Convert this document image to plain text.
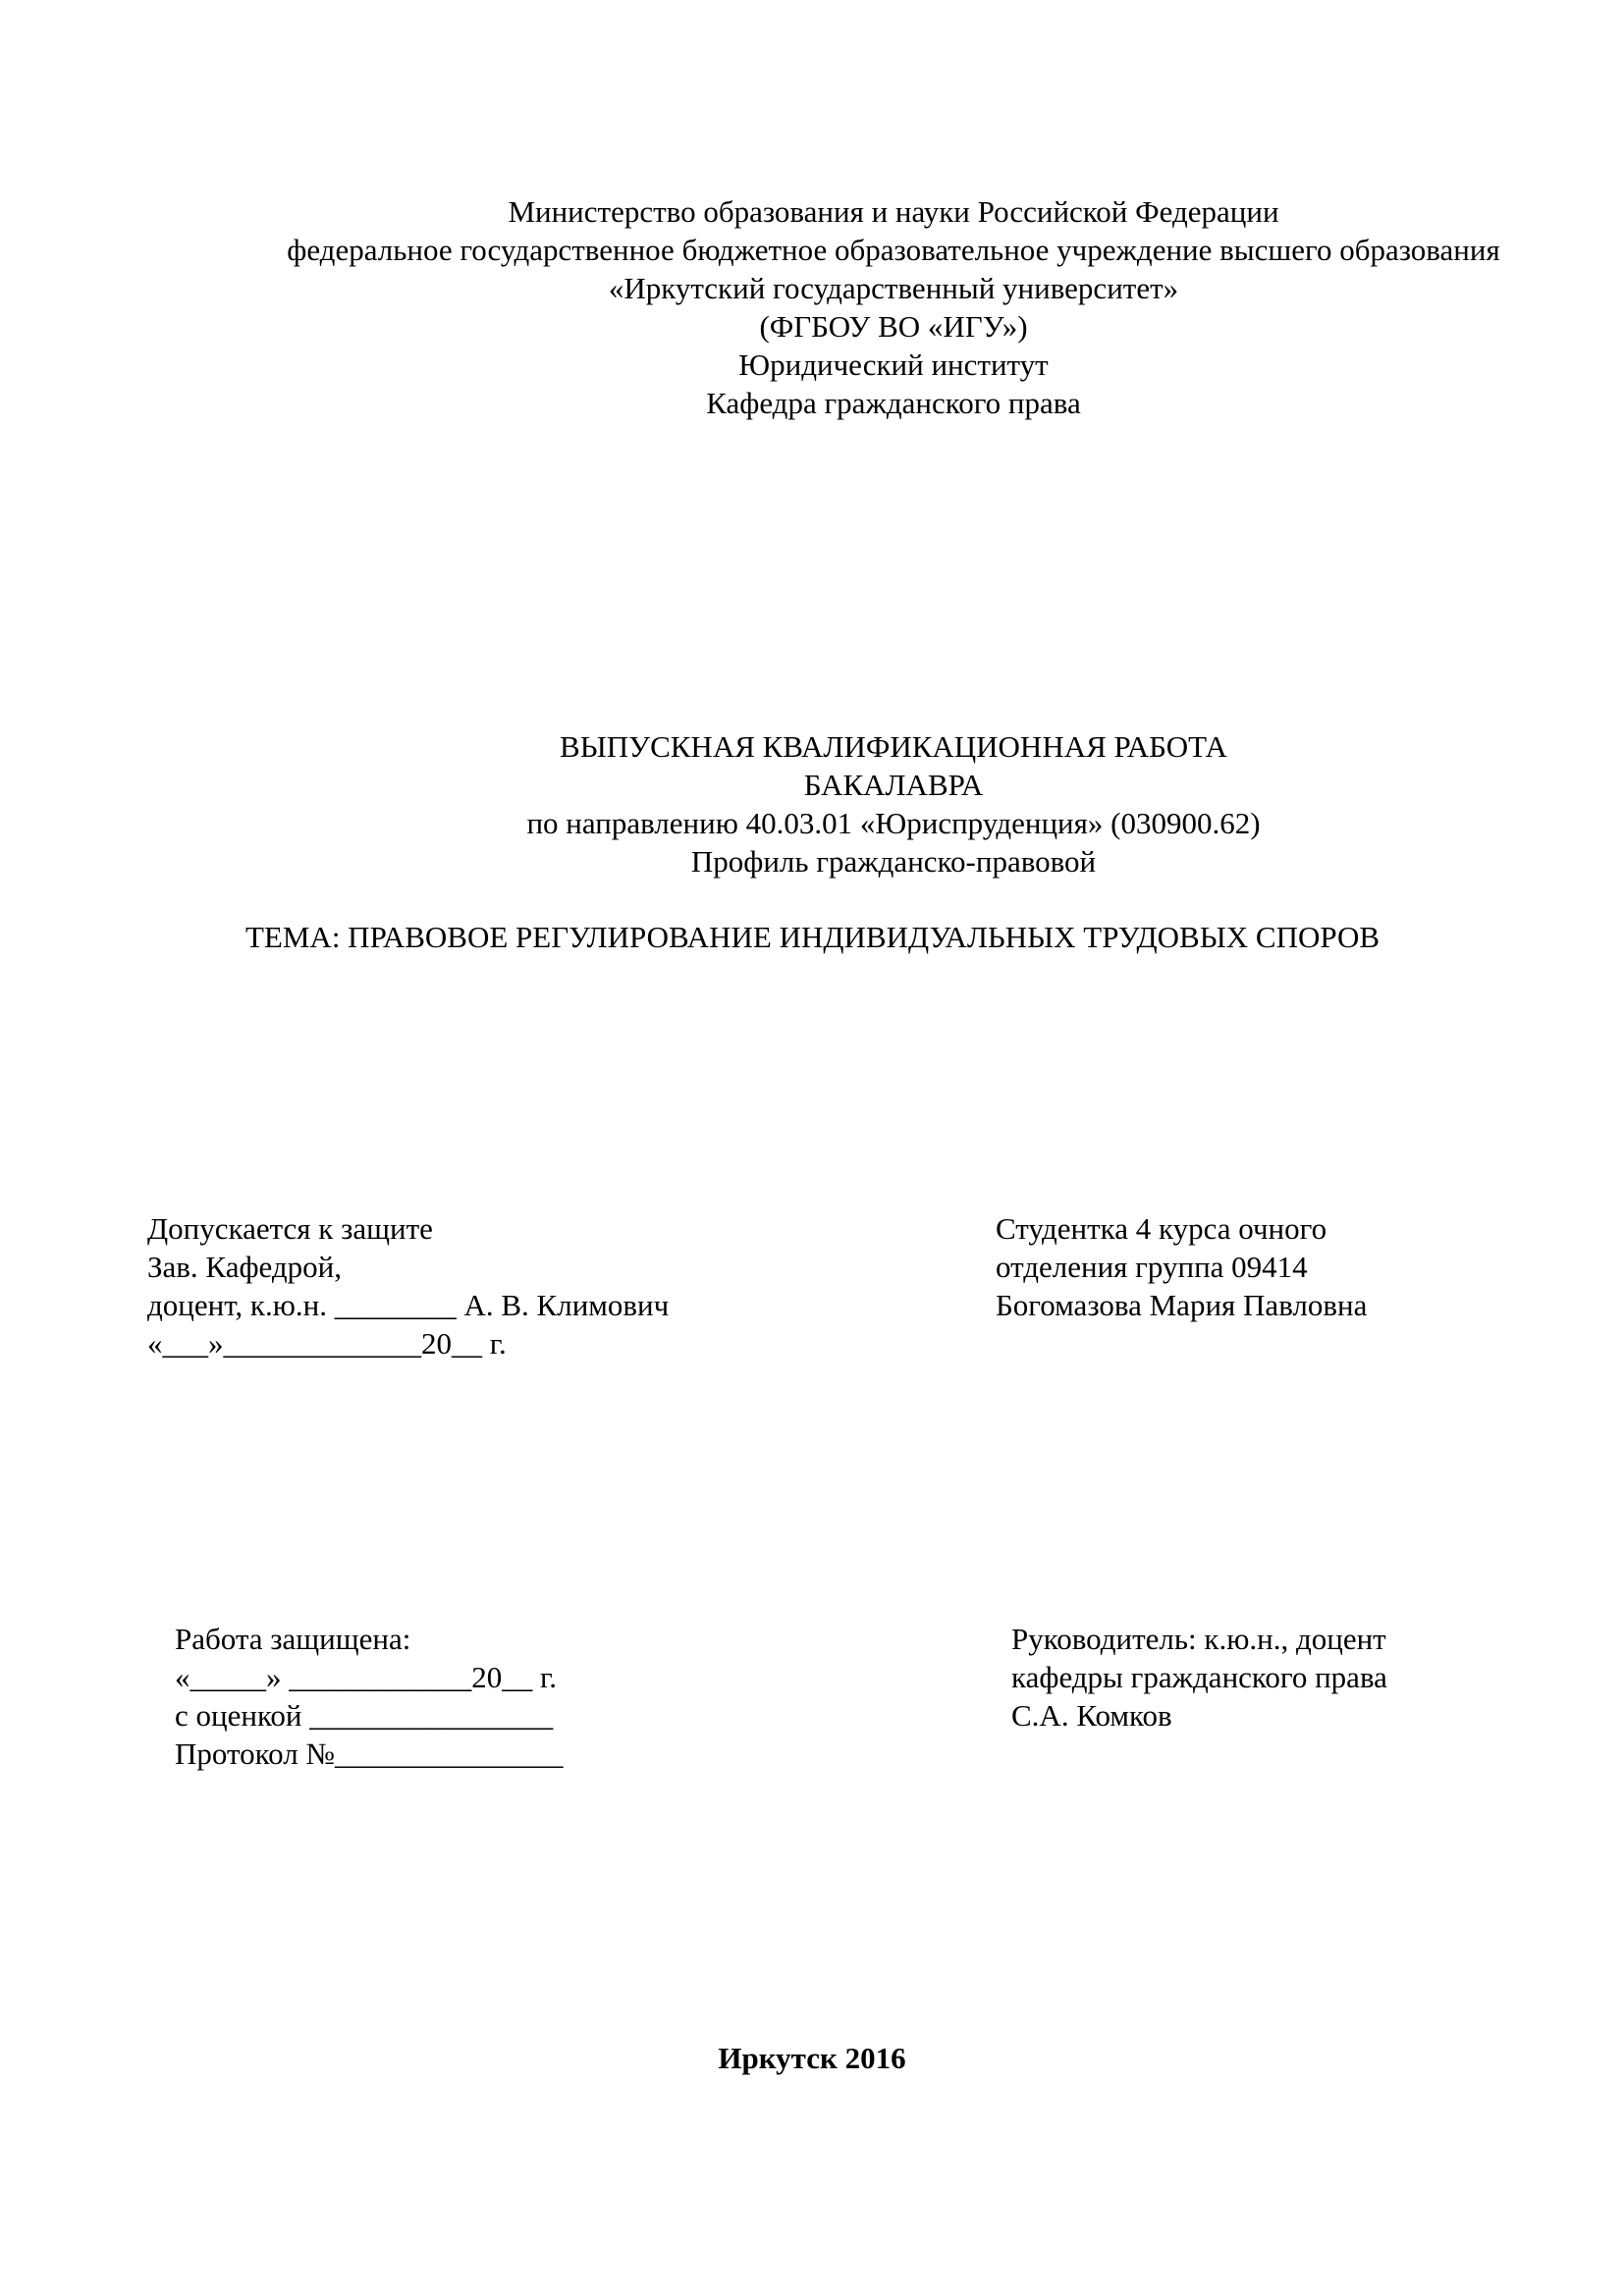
Министерство образования и науки Российской Федерации
федеральное государственное бюджетное образовательное учреждение высшего образования
«Иркутский государственный университет»
(ФГБОУ ВО «ИГУ»)
Юридический институт
Кафедра гражданского права
ВЫПУСКНАЯ КВАЛИФИКАЦИОННАЯ РАБОТА
БАКАЛАВРА
по направлению 40.03.01 «Юриспруденция» (030900.62)
Профиль гражданско-правовой
ТЕМА: ПРАВОВОЕ РЕГУЛИРОВАНИЕ ИНДИВИДУАЛЬНЫХ ТРУДОВЫХ СПОРОВ
Допускается к защите
Зав. Кафедрой,
доцент, к.ю.н. ________ А. В. Климович
«___»_____________20__ г.
Студентка 4 курса очного
отделения группа 09414
Богомазова Мария Павловна
Работа защищена:
«_____» ____________20__ г.
с оценкой ________________
Протокол №_______________
Руководитель: к.ю.н., доцент
кафедры гражданского права
С.А. Комков
Иркутск 2016
